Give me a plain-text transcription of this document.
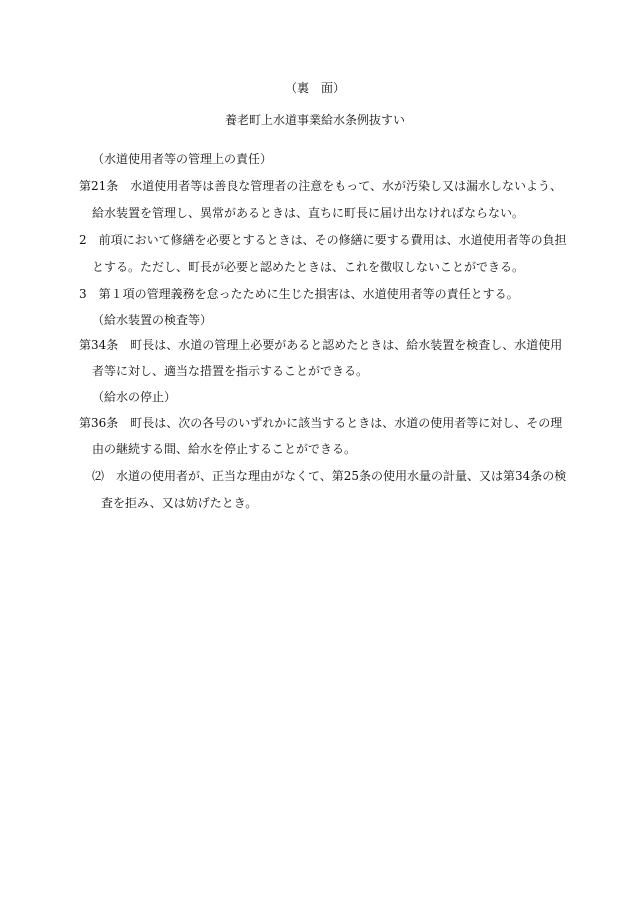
（裏　面）
養老町上水道事業給水条例抜すい
（水道使用者等の管理上の責任）
第21条　水道使用者等は善良な管理者の注意をもって、水が汚染し又は漏水しないよう、
給水装置を管理し、異常があるときは、直ちに町長に届け出なければならない。
2　前項において修繕を必要とするときは、その修繕に要する費用は、水道使用者等の負担
とする。ただし、町長が必要と認めたときは、これを徴収しないことができる。
3　第１項の管理義務を怠ったために生じた損害は、水道使用者等の責任とする。
（給水装置の検査等）
第34条　町長は、水道の管理上必要があると認めたときは、給水装置を検査し、水道使用
者等に対し、適当な措置を指示することができる。
（給水の停止）
第36条　町長は、次の各号のいずれかに該当するときは、水道の使用者等に対し、その理
由の継続する間、給水を停止することができる。
⑵　水道の使用者が、正当な理由がなくて、第25条の使用水量の計量、又は第34条の検
査を拒み、又は妨げたとき。
